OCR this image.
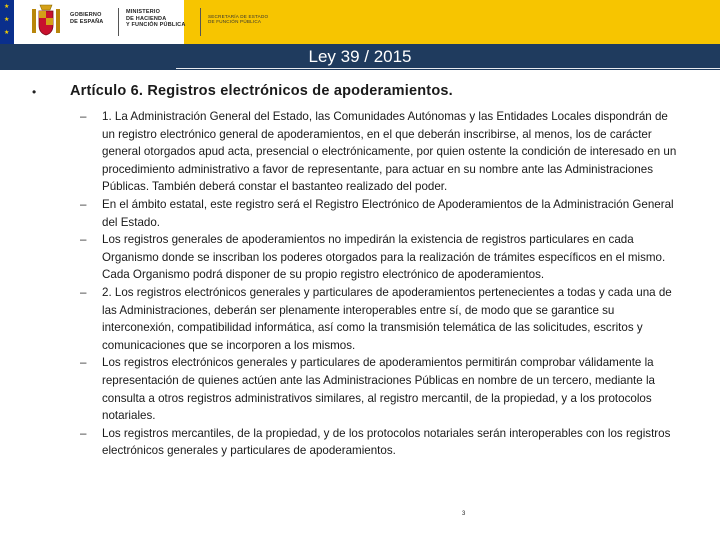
★
★
★
GOBIERNO
DE ESPAÑA
MINISTERIO
DE HACIENDA
Y FUNCIÓN PÚBLICA
SECRETARÍA DE ESTADO
DE FUNCIÓN PÚBLICA
Ley 39 / 2015
• Artículo 6. Registros electrónicos de apoderamientos.
– 1. La Administración General del Estado, las Comunidades Autónomas y las Entidades Locales dispondrán de un registro electrónico general de apoderamientos, en el que deberán inscribirse, al menos, los de carácter general otorgados apud acta, presencial o electrónicamente, por quien ostente la condición de interesado en un procedimiento administrativo a favor de representante, para actuar en su nombre ante las Administraciones Públicas. También deberá constar el bastanteo realizado del poder.
– En el ámbito estatal, este registro será el Registro Electrónico de Apoderamientos de la Administración General del Estado.
– Los registros generales de apoderamientos no impedirán la existencia de registros particulares en cada Organismo donde se inscriban los poderes otorgados para la realización de trámites específicos en el mismo. Cada Organismo podrá disponer de su propio registro electrónico de apoderamientos.
– 2. Los registros electrónicos generales y particulares de apoderamientos pertenecientes a todas y cada una de las Administraciones, deberán ser plenamente interoperables entre sí, de modo que se garantice su interconexión, compatibilidad informática, así como la transmisión telemática de las solicitudes, escritos y comunicaciones que se incorporen a los mismos.
– Los registros electrónicos generales y particulares de apoderamientos permitirán comprobar válidamente la representación de quienes actúen ante las Administraciones Públicas en nombre de un tercero, mediante la consulta a otros registros administrativos similares, al registro mercantil, de la propiedad, y a los protocolos notariales.
– Los registros mercantiles, de la propiedad, y de los protocolos notariales serán interoperables con los registros electrónicos generales y particulares de apoderamientos.
3
